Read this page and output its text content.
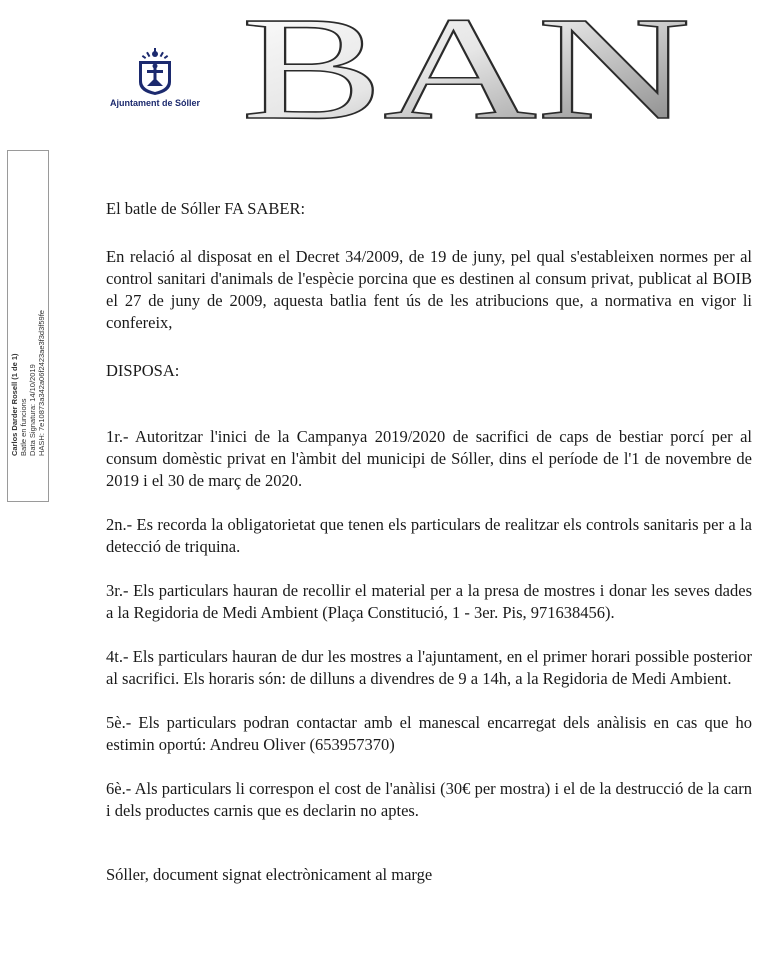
Ajuntament de Sóller BAN
Carlos Darder Rosell (1 de 1) Batle en funcions Data Signatura: 14/10/2019 HASH: 7e10873a342a06f2423ae3f3d3f59fe

El batle de Sóller FA SABER:

En relació al disposat en el Decret 34/2009, de 19 de juny, pel qual s'estableixen normes per al control sanitari d'animals de l'espècie porcina que es destinen al consum privat, publicat al BOIB el 27 de juny de 2009, aquesta batlia fent ús de les atribucions que, a normativa en vigor li confereix,

DISPOSA:

1r.- Autoritzar l'inici de la Campanya 2019/2020 de sacrifici de caps de bestiar porcí per al consum domèstic privat en l'àmbit del municipi de Sóller, dins el període de l'1 de novembre de 2019 i el 30 de març de 2020.

2n.- Es recorda la obligatorietat que tenen els particulars de realitzar els controls sanitaris per a la detecció de triquina.

3r.- Els particulars hauran de recollir el material per a la presa de mostres i donar les seves dades a la Regidoria de Medi Ambient (Plaça Constitució, 1 - 3er. Pis, 971638456).

4t.- Els particulars hauran de dur les mostres a l'ajuntament, en el primer horari possible posterior al sacrifici. Els horaris són: de dilluns a divendres de 9 a 14h, a la Regidoria de Medi Ambient.

5è.- Els particulars podran contactar amb el manescal encarregat dels anàlisis en cas que ho estimin oportú: Andreu Oliver (653957370)

6è.- Als particulars li correspon el cost de l'anàlisi (30€ per mostra) i el de la destrucció de la carn i dels productes carnis que es declarin no aptes.

Sóller, document signat electrònicament al marge
